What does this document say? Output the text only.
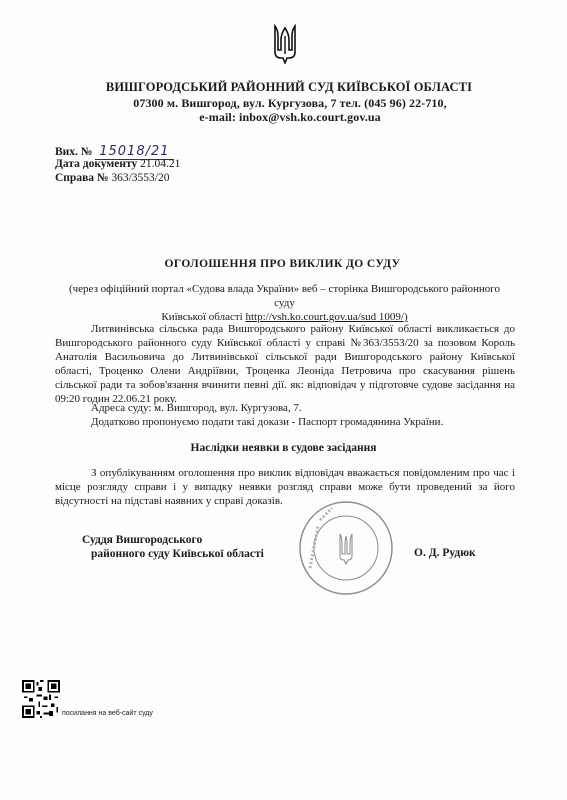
ВИШГОРОДСЬКИЙ РАЙОННИЙ СУД КИЇВСЬКОЇ ОБЛАСТІ
07300 м. Вишгород, вул. Кургузова, 7 тел. (045 96) 22-710,
e-mail: inbox@vsh.ko.court.gov.ua
Вих. № 15018/21
Дата документу 21.04.21
Справа № 363/3553/20
ОГОЛОШЕННЯ ПРО ВИКЛИК ДО СУДУ
(через офіційний портал «Судова влада України» веб – сторінка Вишгородського районного суду
Київської області http://vsh.ko.court.gov.ua/sud 1009/)
Литвинівська сільська рада Вишгородського району Київської області викликається до Вишгородського районного суду Київської області у справі №363/3553/20 за позовом Король Анатолія Васильовича до Литвинівської сільської ради Вишгородського району Київської області, Троценко Олени Андріївни, Троценка Леоніда Петровича про скасування рішень сільської ради та зобов'язання вчинити певні дії. як: відповідач у підготовче судове засідання на 09:20 годин 22.06.21 року.
Адреса суду: м. Вишгород, вул. Кургузова, 7.
Додатково пропонуємо подати такі докази - Паспорт громадянина України.
Наслідки неявки в судове засідання
З опублікуванням оголошення про виклик відповідач вважається повідомленим про час і місце розгляду справи і у випадку неявки розгляд справи може бути проведений за його відсутності на підставі наявних у справі доказів.
Суддя Вишгородського
районного суду Київської області	О. Д. Рудюк
посилання на веб-сайт суду
